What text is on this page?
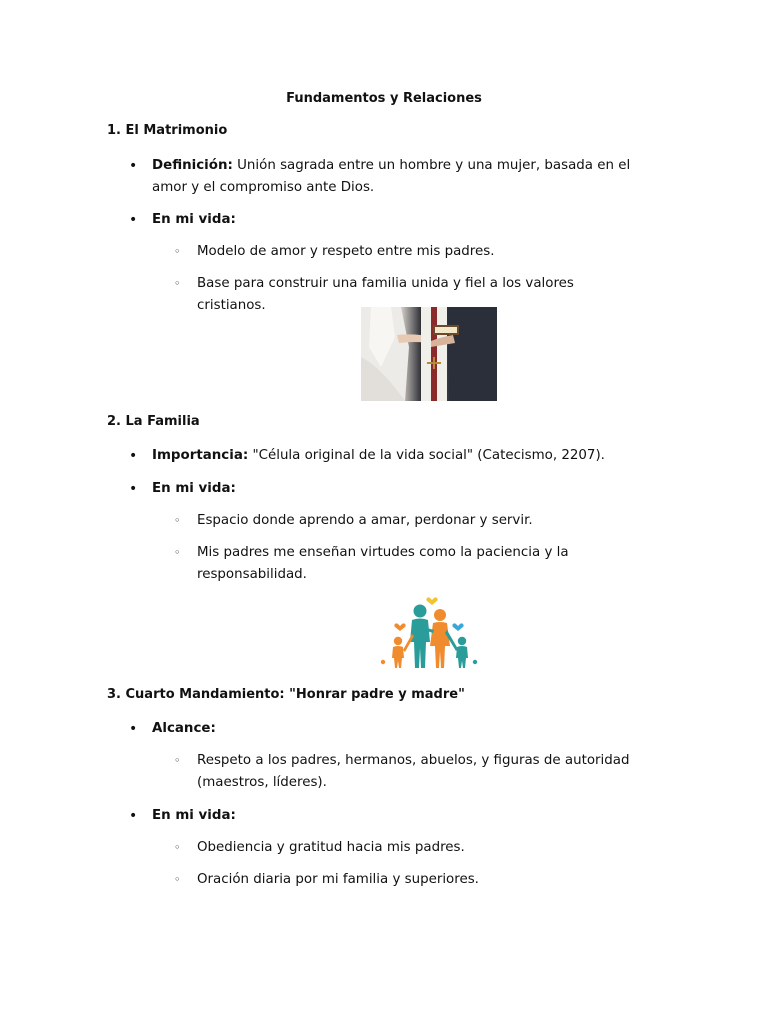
Fundamentos y Relaciones
1. El Matrimonio
• Definición: Unión sagrada entre un hombre y una mujer, basada en el amor y el compromiso ante Dios.
• En mi vida:
◦ Modelo de amor y respeto entre mis padres.
◦ Base para construir una familia unida y fiel a los valores cristianos.
2. La Familia
• Importancia: "Célula original de la vida social" (Catecismo, 2207).
• En mi vida:
◦ Espacio donde aprendo a amar, perdonar y servir.
◦ Mis padres me enseñan virtudes como la paciencia y la responsabilidad.
3. Cuarto Mandamiento: "Honrar padre y madre"
• Alcance:
◦ Respeto a los padres, hermanos, abuelos, y figuras de autoridad (maestros, líderes).
• En mi vida:
◦ Obediencia y gratitud hacia mis padres.
◦ Oración diaria por mi familia y superiores.
